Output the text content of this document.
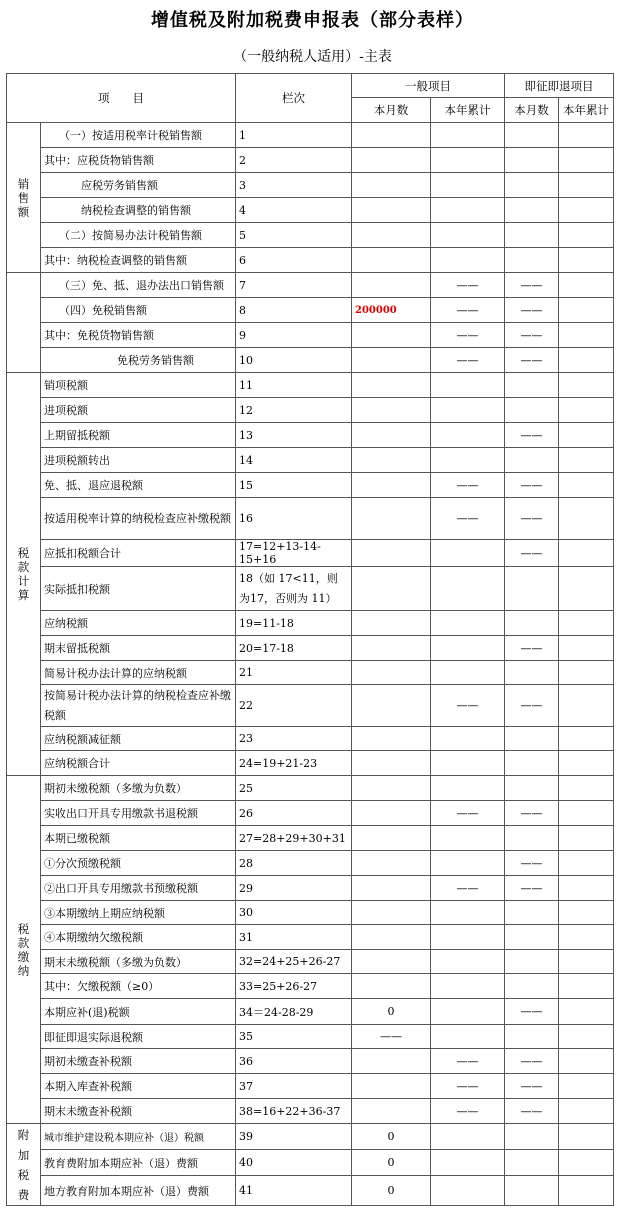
增值税及附加税费申报表（部分表样）
（一般纳税人适用）-主表
项　　目		栏次	一般项目		即征即退项目	
			本月数	本年累计	本月数	本年累计
销
售
额	（一）按适用税率计税销售额	1				
	其中：应税货物销售额	2				
	应税劳务销售额	3				
	纳税检查调整的销售额	4				
	（二）按简易办法计税销售额	5				
	其中：纳税检查调整的销售额	6				
	（三）免、抵、退办法出口销售额	7		——	——	
	（四）免税销售额	8	200000	——	——	
	其中：免税货物销售额	9		——	——	
	免税劳务销售额	10		——	——	
税
款
计
算	销项税额	11				
	进项税额	12				
	上期留抵税额	13			——	
	进项税额转出	14				
	免、抵、退应退税额	15		——	——	
	按适用税率计算的纳税检查应补缴税额	16		——	——	
	应抵扣税额合计	17=12+13-14-15+16			——	
	实际抵扣税额	18（如 17<11，则为17，否则为 11）				
	应纳税额	19=11-18				
	期末留抵税额	20=17-18			——	
	简易计税办法计算的应纳税额	21				
	按简易计税办法计算的纳税检查应补缴税额	22		——	——	
	应纳税额减征额	23				
	应纳税额合计	24=19+21-23				
税
款
缴
纳	期初未缴税额（多缴为负数）	25				
	实收出口开具专用缴款书退税额	26		——	——	
	本期已缴税额	27=28+29+30+31				
	①分次预缴税额	28			——	
	②出口开具专用缴款书预缴税额	29		——	——	
	③本期缴纳上期应纳税额	30				
	④本期缴纳欠缴税额	31				
	期末未缴税额（多缴为负数）	32=24+25+26-27				
	其中：欠缴税额（≥0）	33=25+26-27				
	本期应补(退)税额	34＝24-28-29	0		——	
	即征即退实际退税额	35	——			
	期初未缴查补税额	36		——	——	
	本期入库查补税额	37		——	——	
	期末未缴查补税额	38=16+22+36-37		——	——	
附
加
税
费	城市维护建设税本期应补（退）税额	39	0			
	教育费附加本期应补（退）费额	40	0			
	地方教育附加本期应补（退）费额	41	0			
